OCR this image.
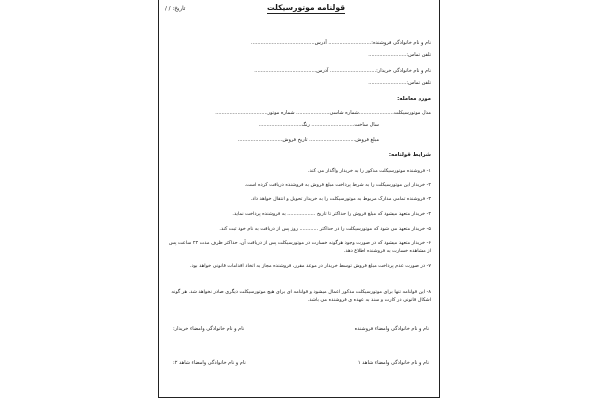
قولنامه موتورسیکلت
تاریخ: / /
نام و نام خانوادگی فروشنده:........................... آدرس........................................
تلفن تماس:........................
نام و نام خانوادگی خریدار:............................. آدرس.......................................
تلفن تماس:........................
مورد معامله:
مدل موتورسیکلت......................شماره شاسی..................... شماره موتور.................................
سال ساخت........................... رنگ...........................
مبلغ فروش............................. تاریخ فروش............................
شرایط قولنامه:
۱- فروشنده موتورسیکلت مذکور را به خریدار واگذار می کند.
۲- خریدار این موتورسیکلت را به شرط پرداخت مبلغ فروش به فروشنده دریافت کرده است.
۳- فروشنده تمامی مدارک مربوط به موتورسیکلت را به خریدار تحویل و انتقال خواهد داد.
۴- خریدار متعهد میشود که مبلغ فروش را حداکثر تا تاریخ .................. به فروشنده پرداخت نماید.
۵- خریدار متعهد می شود که موتورسیکلت را در حداکثر ............ روز پس از دریافت به نام خود ثبت کند.
۶- خریدار متعهد میشود که در صورت وجود هرگونه خسارت در موتورسیکلت پس از دریافت آن، حداکثر ظرف مدت ۲۴ ساعت پس از مشاهده خسارت به فروشنده اطلاع دهد.
۷- در صورت عدم پرداخت مبلغ فروش توسط خریدار در موعد مقرر، فروشنده مجاز به اتخاذ اقدامات قانونی خواهد بود.
۸- این قولنامه تنها برای موتورسیکلت مذکور اعمال میشود و قولنامه ای برای هیچ موتورسیکلت دیگری صادر نخواهد شد. هر گونه اشکال قانونی در کارت و سند به عهده ی فروشنده می باشد.
نام و نام خانوادگی وامضاء فروشنده
نام و نام خانوادگی وامضاء خریدار:
نام و نام خانوادگی وامضاء شاهد ۱
نام و نام خانوادگی وامضاء شاهد ۲:
